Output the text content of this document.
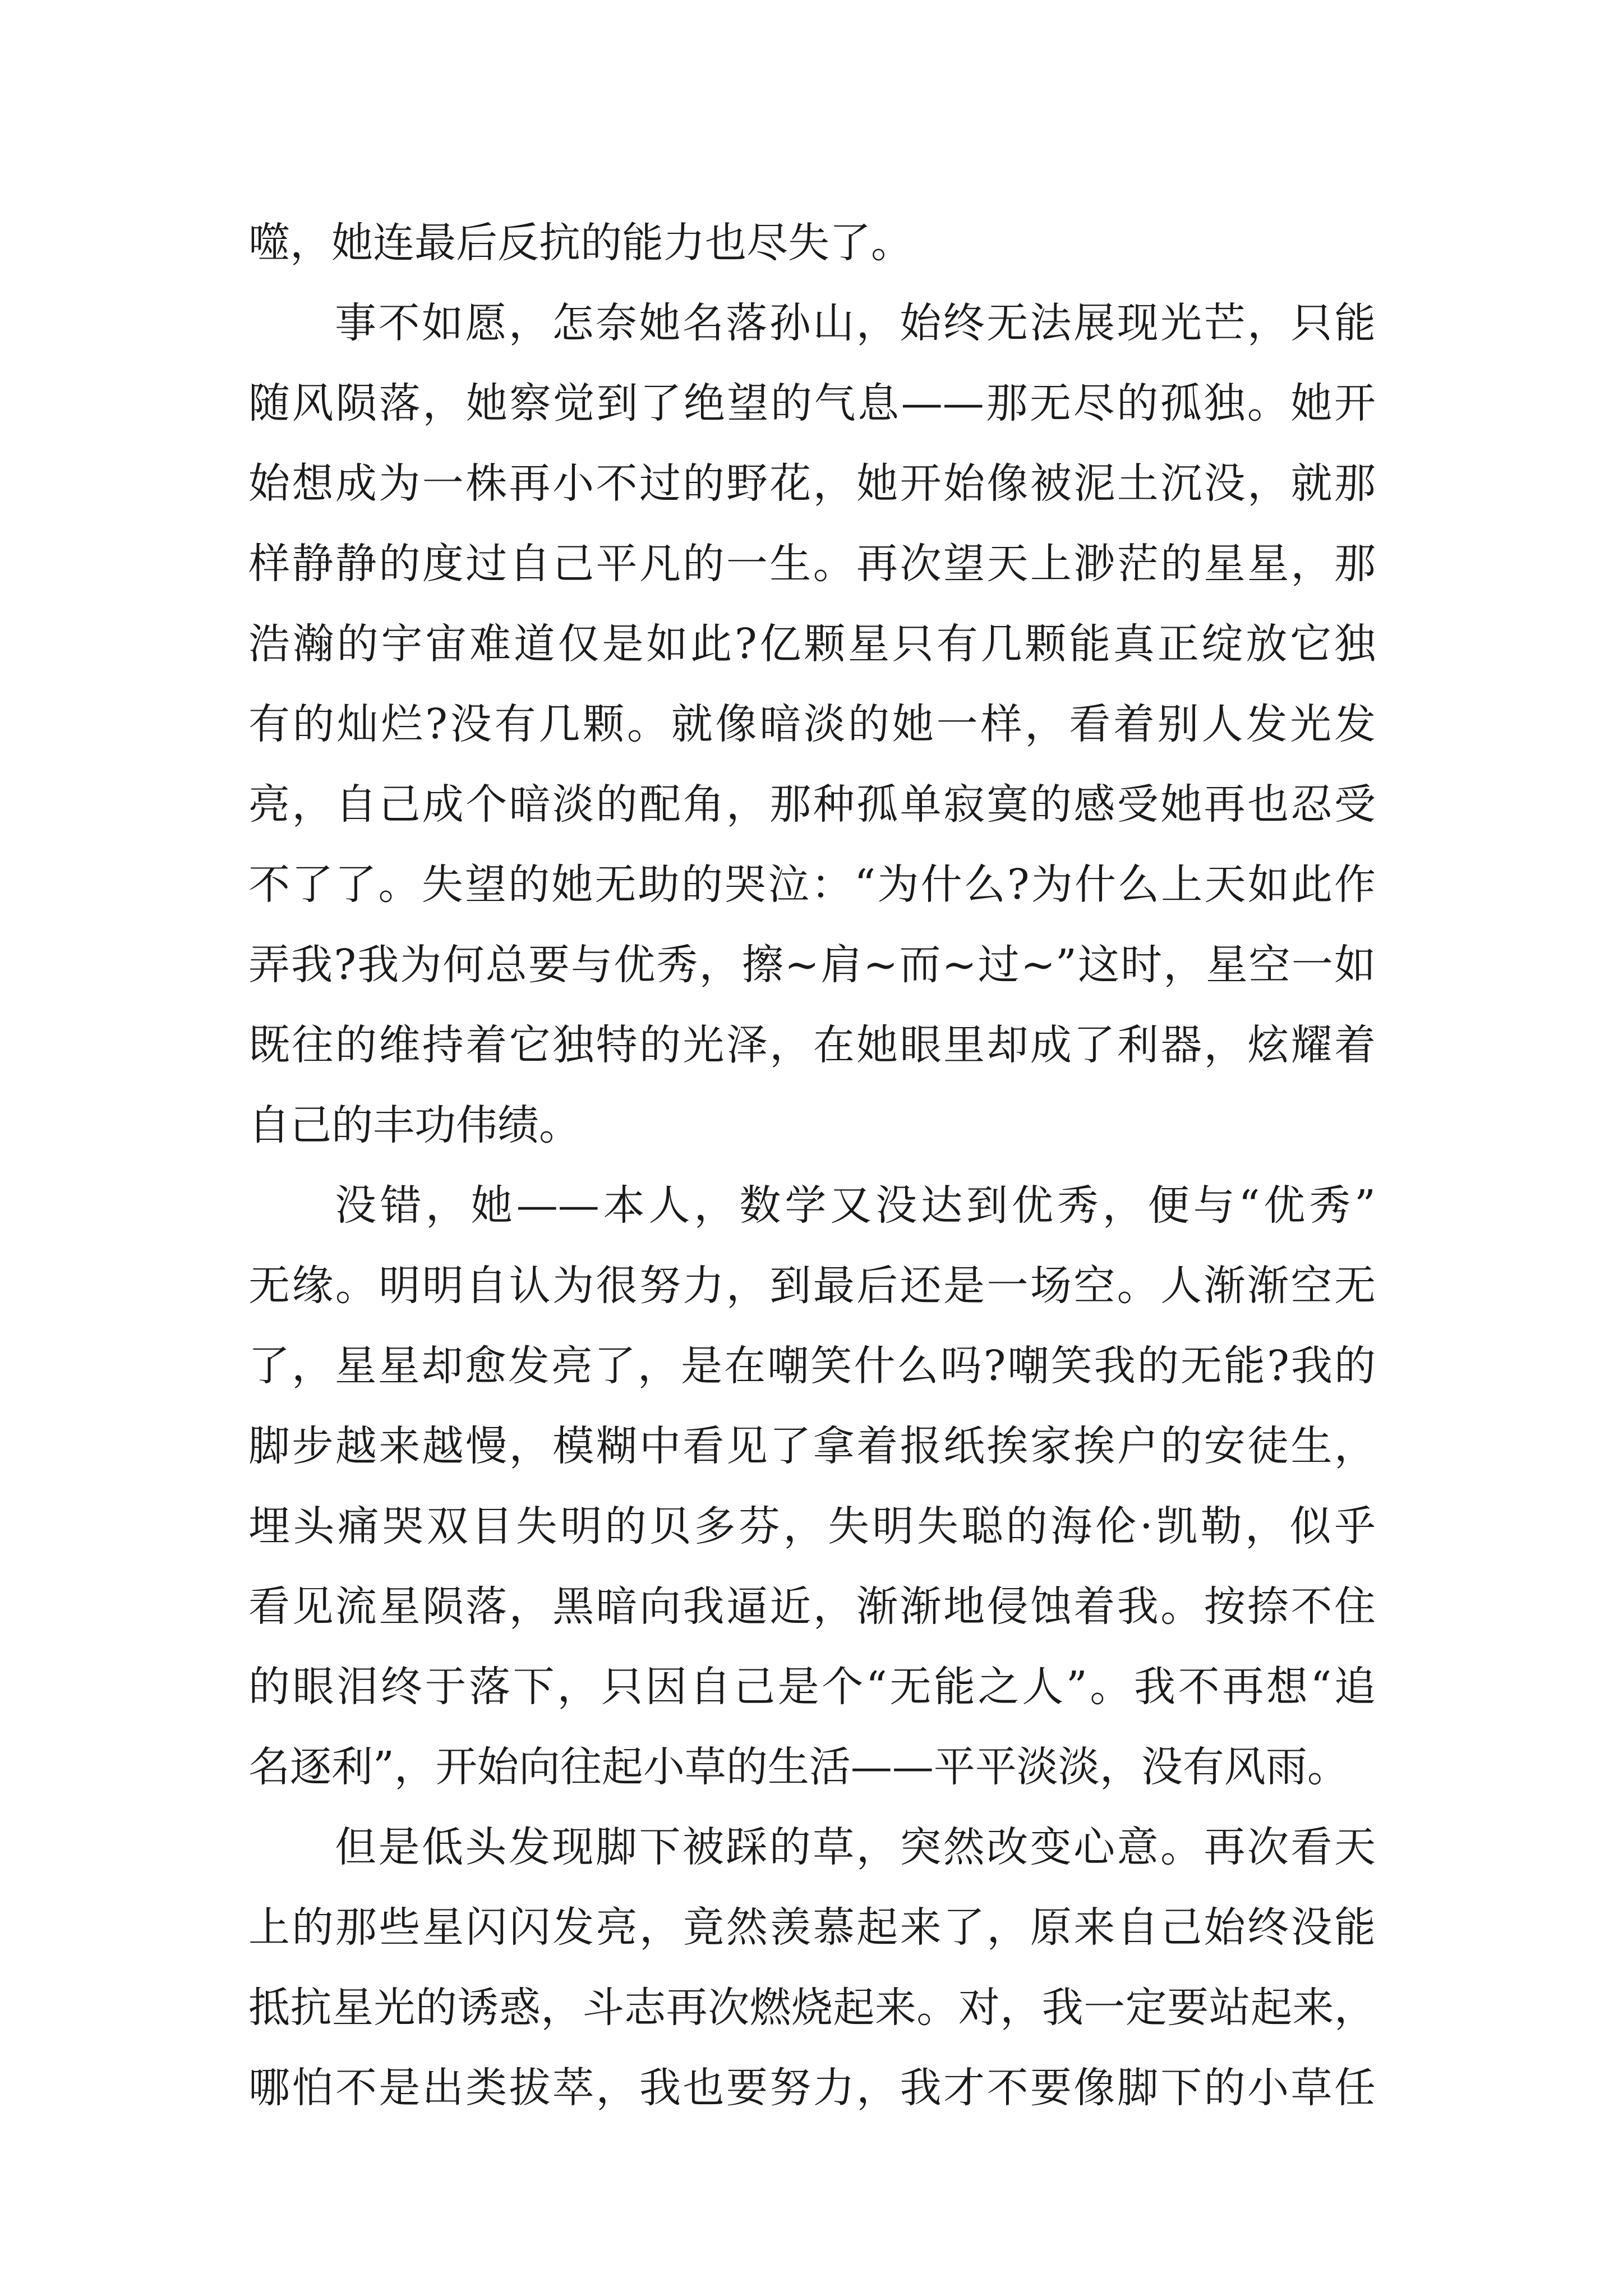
噬，她连最后反抗的能力也尽失了。
事不如愿，怎奈她名落孙山，始终无法展现光芒，只能
随风陨落，她察觉到了绝望的气息——那无尽的孤独。她开
始想成为一株再小不过的野花，她开始像被泥土沉没，就那
样静静的度过自己平凡的一生。再次望天上渺茫的星星，那
浩瀚的宇宙难道仅是如此?亿颗星只有几颗能真正绽放它独
有的灿烂?没有几颗。就像暗淡的她一样，看着别人发光发
亮，自己成个暗淡的配角，那种孤单寂寞的感受她再也忍受
不了了。失望的她无助的哭泣：“为什么?为什么上天如此作
弄我?我为何总要与优秀，擦~肩~而~过~”这时，星空一如
既往的维持着它独特的光泽，在她眼里却成了利器，炫耀着
自己的丰功伟绩。
没错，她——本人，数学又没达到优秀，便与“优秀”
无缘。明明自认为很努力，到最后还是一场空。人渐渐空无
了，星星却愈发亮了，是在嘲笑什么吗?嘲笑我的无能?我的
脚步越来越慢，模糊中看见了拿着报纸挨家挨户的安徒生，
埋头痛哭双目失明的贝多芬，失明失聪的海伦·凯勒，似乎
看见流星陨落，黑暗向我逼近，渐渐地侵蚀着我。按捺不住
的眼泪终于落下，只因自己是个“无能之人”。我不再想“追
名逐利”，开始向往起小草的生活——平平淡淡，没有风雨。
但是低头发现脚下被踩的草，突然改变心意。再次看天
上的那些星闪闪发亮，竟然羡慕起来了，原来自己始终没能
抵抗星光的诱惑，斗志再次燃烧起来。对，我一定要站起来，
哪怕不是出类拔萃，我也要努力，我才不要像脚下的小草任
